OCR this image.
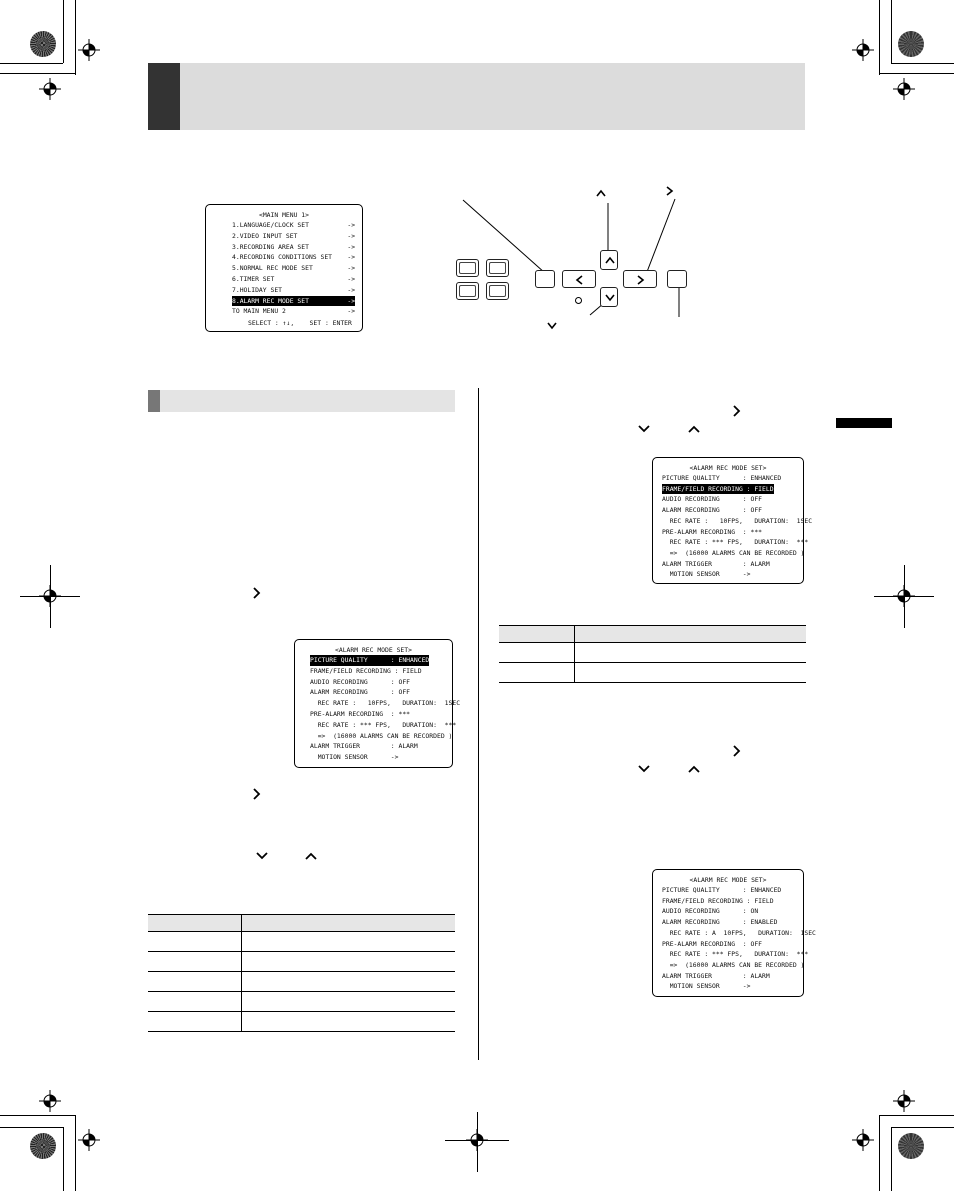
<MAIN MENU 1>
1.LANGUAGE/CLOCK SET          ->
2.VIDEO INPUT SET             ->
3.RECORDING AREA SET          ->
4.RECORDING CONDITIONS SET    ->
5.NORMAL REC MODE SET         ->
6.TIMER SET                   ->
7.HOLIDAY SET                 ->
8.ALARM REC MODE SET          ->
TO MAIN MENU 2                ->
SELECT : ↑↓,    SET : ENTER
<ALARM REC MODE SET>
PICTURE QUALITY      : ENHANCED
FRAME/FIELD RECORDING : FIELD
AUDIO RECORDING      : OFF
ALARM RECORDING      : OFF
REC RATE :   10FPS,   DURATION:  1SEC
PRE-ALARM RECORDING  : ***
REC RATE : *** FPS,   DURATION:  ***
=>  (16000 ALARMS CAN BE RECORDED )
ALARM TRIGGER        : ALARM
MOTION SENSOR      ->

<ALARM REC MODE SET>
PICTURE QUALITY      : ENHANCED
FRAME/FIELD RECORDING : FIELD
AUDIO RECORDING      : OFF
ALARM RECORDING      : OFF
REC RATE :   10FPS,   DURATION:  1SEC
PRE-ALARM RECORDING  : ***
REC RATE : *** FPS,   DURATION:  ***
=>  (16000 ALARMS CAN BE RECORDED )
ALARM TRIGGER        : ALARM
MOTION SENSOR      ->

<ALARM REC MODE SET>
PICTURE QUALITY      : ENHANCED
FRAME/FIELD RECORDING : FIELD
AUDIO RECORDING      : ON
ALARM RECORDING      : ENABLED
REC RATE : A  10FPS,   DURATION:  1SEC
PRE-ALARM RECORDING  : OFF
REC RATE : *** FPS,   DURATION:  ***
=>  (16000 ALARMS CAN BE RECORDED )
ALARM TRIGGER        : ALARM
MOTION SENSOR      ->
